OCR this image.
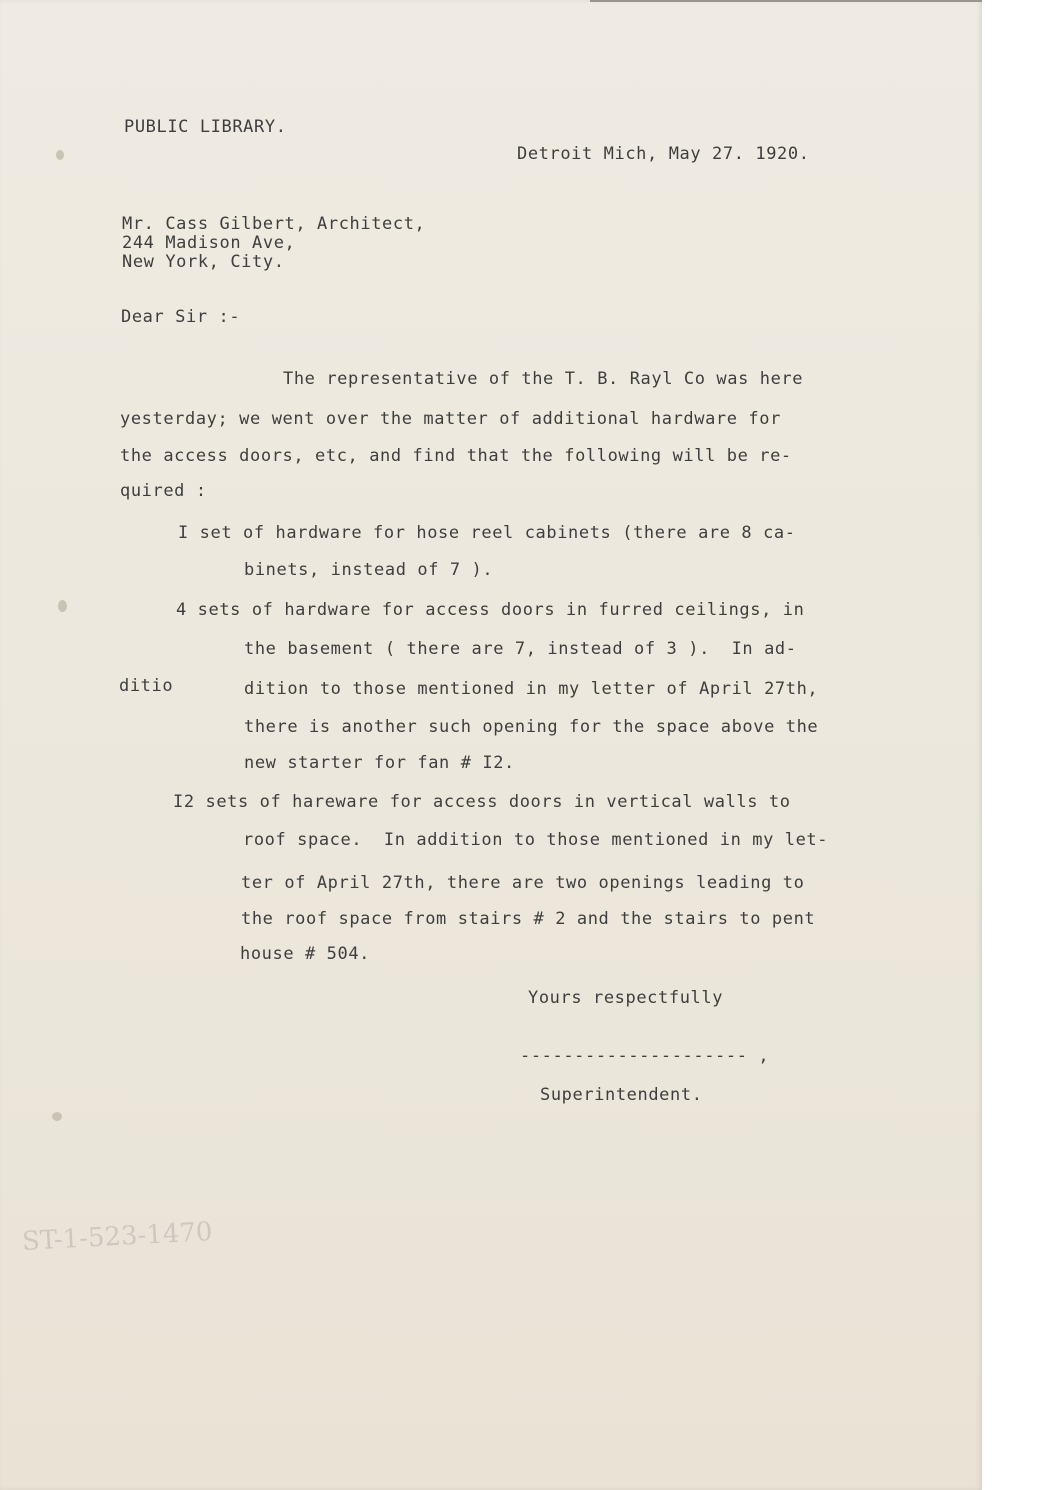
PUBLIC LIBRARY.
Detroit Mich, May 27. 1920.
Mr. Cass Gilbert, Architect,
244 Madison Ave,
New York, City.
Dear Sir :-
The representative of the T. B. Rayl Co was here
yesterday; we went over the matter of additional hardware for
the access doors, etc, and find that the following will be re-
quired :
I set of hardware for hose reel cabinets (there are 8 ca-
binets, instead of 7 ).
4 sets of hardware for access doors in furred ceilings, in
the basement ( there are 7, instead of 3 ).  In ad-
ditio	dition to those mentioned in my letter of April 27th,
there is another such opening for the space above the
new starter for fan # I2.
I2 sets of hareware for access doors in vertical walls to
roof space.  In addition to those mentioned in my let-
ter of April 27th, there are two openings leading to
the roof space from stairs # 2 and the stairs to pent
house # 504.
Yours respectfully
--------------------- ,
Superintendent.
ST-1-523-1470
